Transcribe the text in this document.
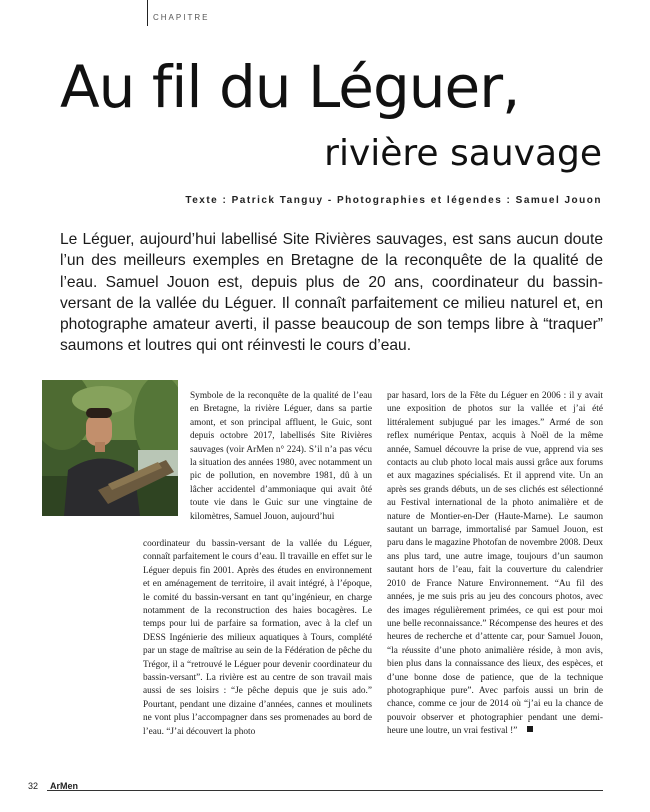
CHAPITRE
Au fil du Léguer,
rivière sauvage
Texte : Patrick Tanguy - Photographies et légendes : Samuel Jouon

Le Léguer, aujourd’hui labellisé Site Rivières sauvages, est sans aucun doute l’un des meilleurs exemples en Bretagne de la reconquête de la qualité de l’eau. Samuel Jouon est, depuis plus de 20 ans, coordinateur du bassin-versant de la vallée du Léguer. Il connaît parfaitement ce milieu naturel et, en photographe amateur averti, il passe beaucoup de son temps libre à “traquer” saumons et loutres qui ont réinvesti le cours d’eau.

Symbole de la reconquête de la qualité de l’eau en Bretagne, la rivière Léguer, dans sa partie amont, et son principal affluent, le Guic, sont depuis octobre 2017, labellisés Site Rivières sauvages (voir ArMen n° 224). S’il n’a pas vécu la situation des années 1980, avec notamment un pic de pollution, en novembre 1981, dû à un lâcher accidentel d’ammoniaque qui avait ôté toute vie dans le Guic sur une vingtaine de kilomètres, Samuel Jouon, aujourd’hui

coordinateur du bassin-versant de la vallée du Léguer, connaît parfaitement le cours d’eau. Il travaille en effet sur le Léguer depuis fin 2001. Après des études en environnement et en aménagement de territoire, il avait intégré, à l’époque, le comité du bassin-versant en tant qu’ingénieur, en charge notamment de la reconstruction des haies bocagères. Le temps pour lui de parfaire sa formation, avec à la clef un DESS Ingénierie des milieux aquatiques à Tours, complété par un stage de maîtrise au sein de la Fédération de pêche du Trégor, il a “retrouvé le Léguer pour devenir coordinateur du bassin-versant”. La rivière est au centre de son travail mais aussi de ses loisirs : “Je pêche depuis que je suis ado.” Pourtant, pendant une dizaine d’années, cannes et moulinets ne vont plus l’accompagner dans ses promenades au bord de l’eau. “J’ai découvert la photo

par hasard, lors de la Fête du Léguer en 2006 : il y avait une exposition de photos sur la vallée et j’ai été littéralement subjugué par les images.” Armé de son reflex numérique Pentax, acquis à Noël de la même année, Samuel découvre la prise de vue, apprend via ses contacts au club photo local mais aussi grâce aux forums et aux magazines spécialisés. Et il apprend vite. Un an après ses grands débuts, un de ses clichés est sélectionné au Festival international de la photo animalière et de nature de Montier-en-Der (Haute-Marne). Le saumon sautant un barrage, immortalisé par Samuel Jouon, est paru dans le magazine Photofan de novembre 2008. Deux ans plus tard, une autre image, toujours d’un saumon sautant hors de l’eau, fait la couverture du calendrier 2010 de France Nature Environnement. “Au fil des années, je me suis pris au jeu des concours photos, avec des images régulièrement primées, ce qui est pour moi une belle reconnaissance.” Récompense des heures et des heures de recherche et d’attente car, pour Samuel Jouon, “la réussite d’une photo animalière réside, à mon avis, bien plus dans la connaissance des lieux, des espèces, et d’une bonne dose de patience, que de la technique photographique pure”. Avec parfois aussi un brin de chance, comme ce jour de 2014 où “j’ai eu la chance de pouvoir observer et photographier pendant une demi-heure une loutre, un vrai festival !”

32 ArMen
